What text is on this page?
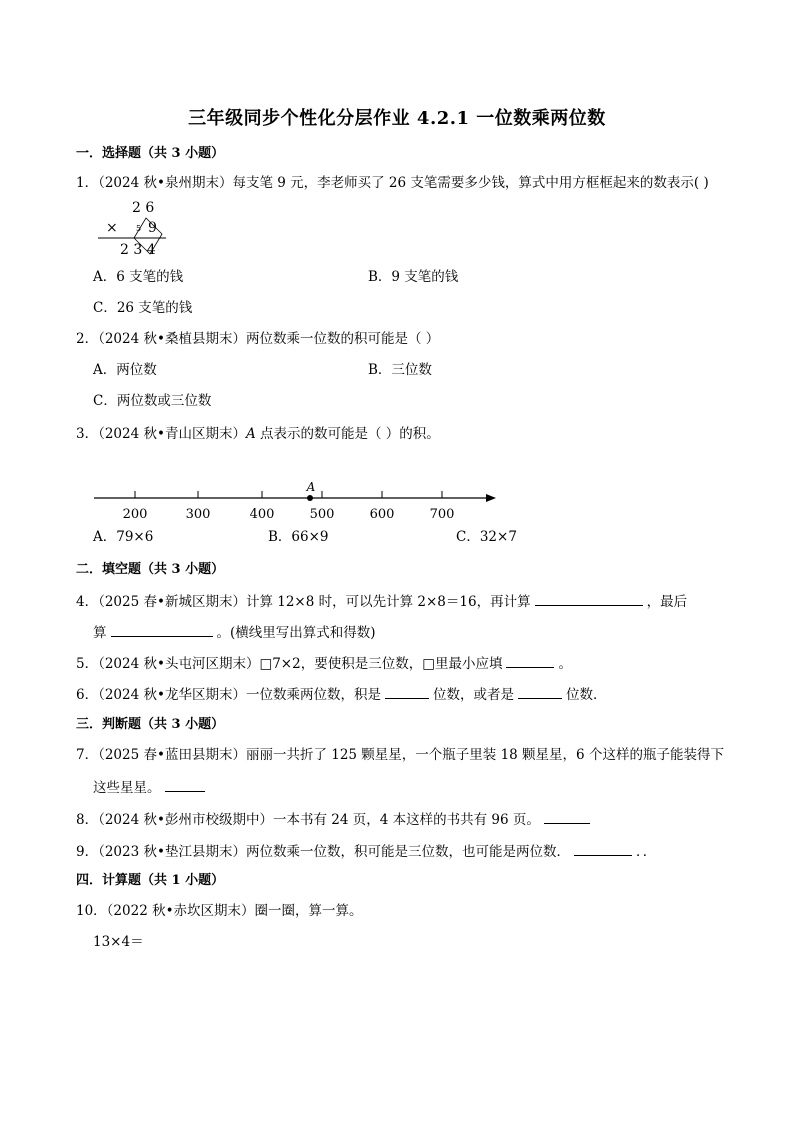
三年级同步个性化分层作业 4.2.1 一位数乘两位数
一．选择题（共 3 小题）
1．（2024 秋•泉州期末）每支笔 9 元，李老师买了 26 支笔需要多少钱，算式中用方框框起来的数表示( )
2 6
× 9
5
2 3 4
A．6 支笔的钱	B．9 支笔的钱
C．26 支笔的钱
2．（2024 秋•桑植县期末）两位数乘一位数的积可能是（ ）
A．两位数	B．三位数
C．两位数或三位数
3．（2024 秋•青山区期末）A 点表示的数可能是（ ）的积。
200	300	400	500	600	700
A
A．79×6	B．66×9	C．32×7
二．填空题（共 3 小题）
4．（2025 春•新城区期末）计算 12×8 时，可以先计算 2×8＝16，再计算	，最后
算	。(横线里写出算式和得数)
5．（2024 秋•头屯河区期末）□7×2，要使积是三位数，□里最小应填	。
6．（2024 秋•龙华区期末）一位数乘两位数，积是	位数，或者是	位数．
三．判断题（共 3 小题）
7．（2025 春•蓝田县期末）丽丽一共折了 125 颗星星，一个瓶子里装 18 颗星星，6 个这样的瓶子能装得下
这些星星。
8．（2024 秋•彭州市校级期中）一本书有 24 页，4 本这样的书共有 96 页。
9．（2023 秋•垫江县期末）两位数乘一位数，积可能是三位数，也可能是两位数．	．．
四．计算题（共 1 小题）
10．（2022 秋•赤坎区期末）圈一圈，算一算。
13×4＝
